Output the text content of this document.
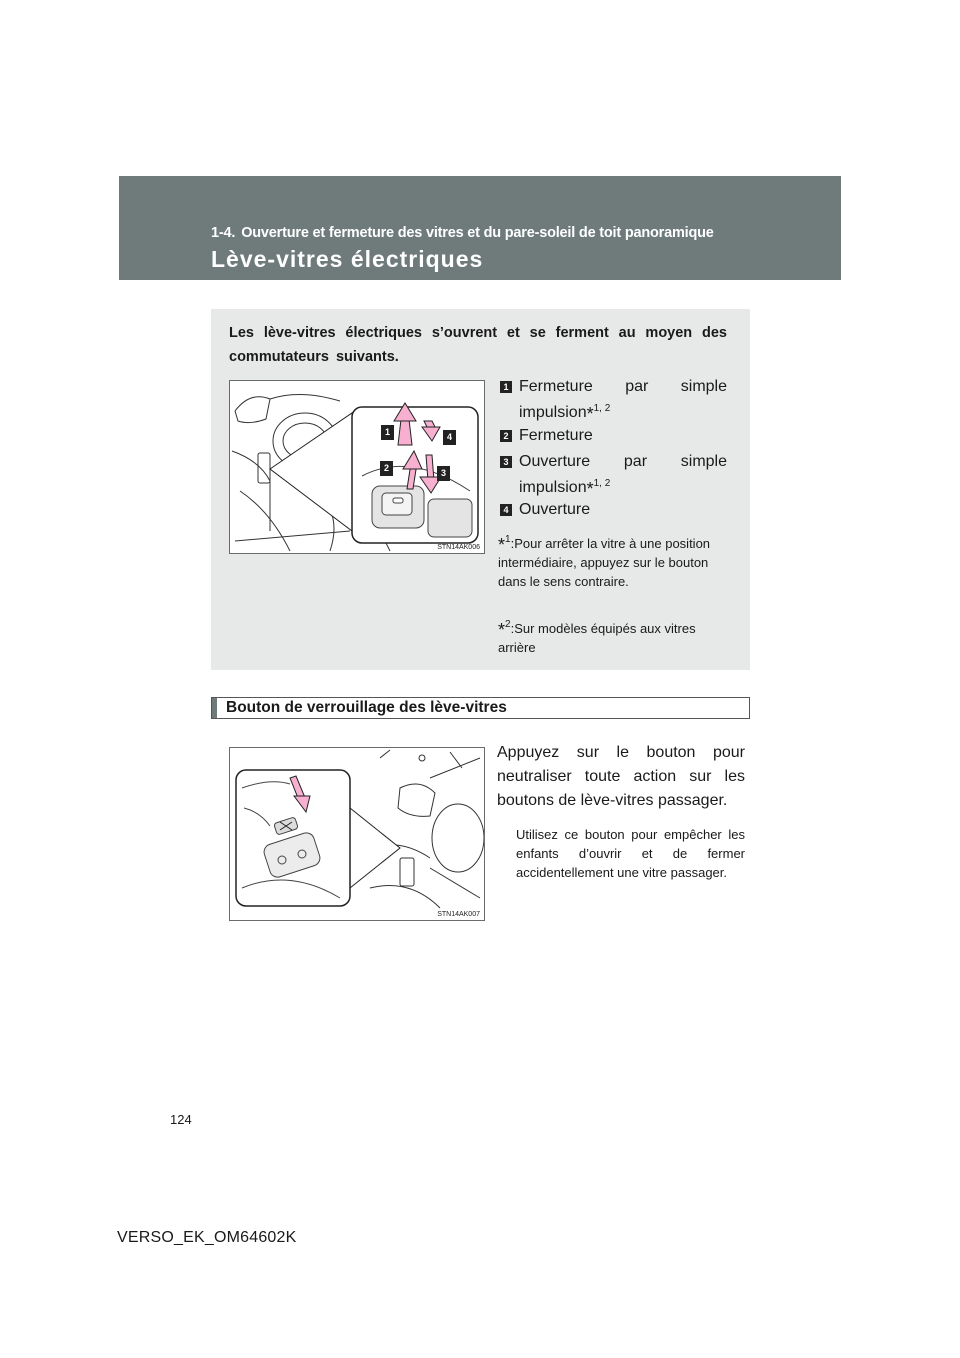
1-4. Ouverture et fermeture des vitres et du pare-soleil de toit panoramique
Lève-vitres électriques
Les lève-vitres électriques s’ouvrent et se ferment au moyen des commutateurs suivants.
1
2	3
4
STN14AK006
1 Fermeture par simple
impulsion*$^{1, 2}$
2 Fermeture
3 Ouverture par simple
impulsion*$^{1, 2}$
4 Ouverture
*$^1$:Pour arrêter la vitre à une position intermédiaire, appuyez sur le bouton dans le sens contraire.
*$^2$:Sur modèles équipés aux vitres arrière
Bouton de verrouillage des lève-vitres
STN14AK007
Appuyez sur le bouton pour neutraliser toute action sur les boutons de lève-vitres passager.
Utilisez ce bouton pour empêcher les enfants d’ouvrir et de fermer accidentellement une vitre passager.
124
VERSO_EK_OM64602K
